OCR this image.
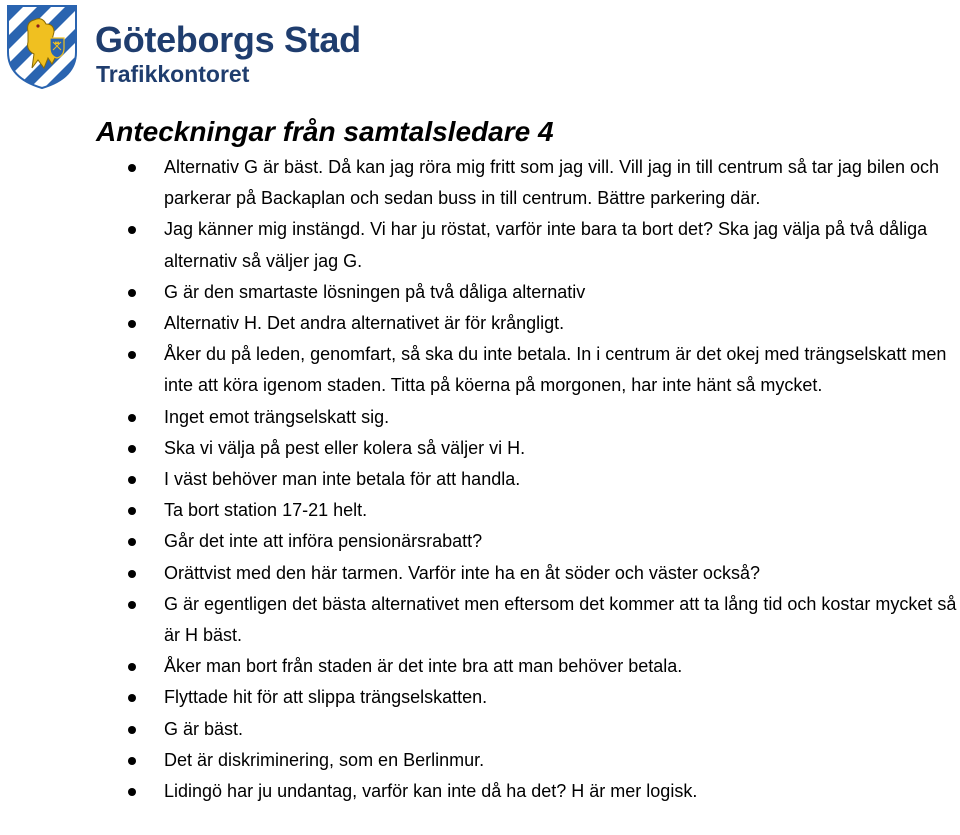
Göteborgs Stad
Trafikkontoret
Anteckningar från samtalsledare 4
Alternativ G är bäst. Då kan jag röra mig fritt som jag vill. Vill jag in till centrum så tar jag bilen och parkerar på Backaplan och sedan buss in till centrum. Bättre parkering där.
Jag känner mig instängd. Vi har ju röstat, varför inte bara ta bort det? Ska jag välja på två dåliga alternativ så väljer jag G.
G är den smartaste lösningen på två dåliga alternativ
Alternativ H. Det andra alternativet är för krångligt.
Åker du på leden, genomfart, så ska du inte betala. In i centrum är det okej med trängselskatt men inte att köra igenom staden. Titta på köerna på morgonen, har inte hänt så mycket.
Inget emot trängselskatt sig.
Ska vi välja på pest eller kolera så väljer vi H.
I väst behöver man inte betala för att handla.
Ta bort station 17-21 helt.
Går det inte att införa pensionärsrabatt?
Orättvist med den här tarmen. Varför inte ha en åt söder och väster också?
G är egentligen det bästa alternativet men eftersom det kommer att ta lång tid och kostar mycket så är H bäst.
Åker man bort från staden är det inte bra att man behöver betala.
Flyttade hit för att slippa trängselskatten.
G är bäst.
Det är diskriminering, som en Berlinmur.
Lidingö har ju undantag, varför kan inte då ha det? H är mer logisk.
